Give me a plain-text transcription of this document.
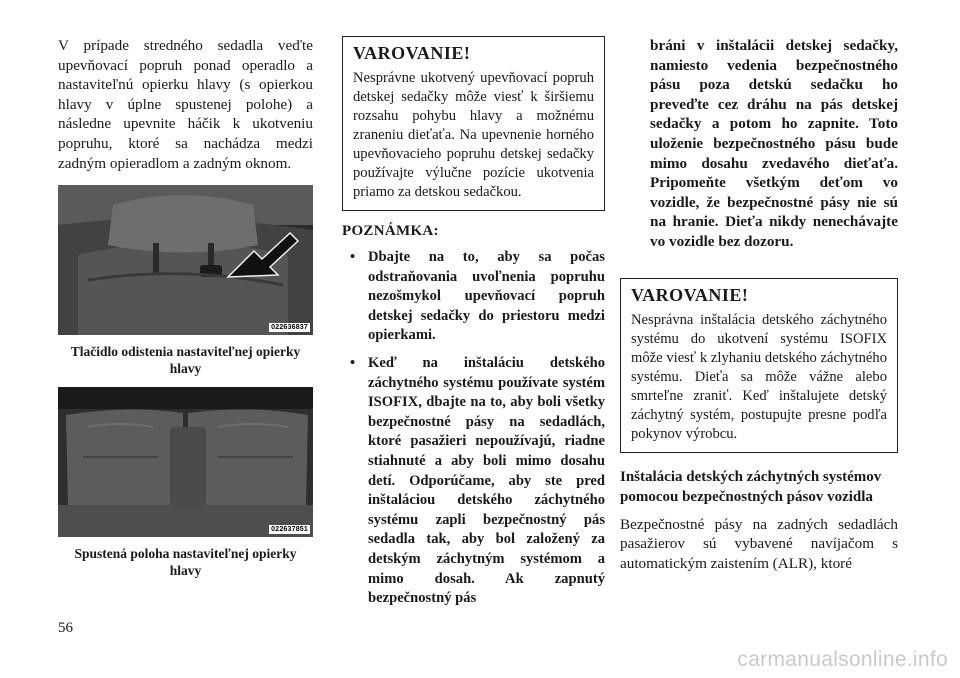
V prípade stredného sedadla veďte upevňovací popruh ponad operadlo a nastaviteľnú opierku hlavy (s opierkou hlavy v úplne spustenej polohe) a následne upevnite háčik k ukotveniu popruhu, ktoré sa nachádza medzi zadným opieradlom a zadným oknom.

022636837

Tlačidlo odistenia nastaviteľnej opierky hlavy

022637851

Spustená poloha nastaviteľnej opierky hlavy

VAROVANIE!

Nesprávne ukotvený upevňovací popruh detskej sedačky môže viesť k širšiemu rozsahu pohybu hlavy a možnému zraneniu dieťaťa. Na upevnenie horného upevňovacieho popruhu detskej sedačky používajte výlučne pozície ukotvenia priamo za detskou sedačkou.

POZNÁMKA:

• Dbajte na to, aby sa počas odstraňovania uvoľnenia popruhu nezošmykol upevňovací popruh detskej sedačky do priestoru medzi opierkami.
• Keď na inštaláciu detského záchytného systému používate systém ISOFIX, dbajte na to, aby boli všetky bezpečnostné pásy na sedadlách, ktoré pasažieri nepoužívajú, riadne stiahnuté a aby boli mimo dosahu detí. Odporúčame, aby ste pred inštaláciou detského záchytného systému zapli bezpečnostný pás sedadla tak, aby bol založený za detským záchytným systémom a mimo dosah. Ak zapnutý bezpečnostný pás

bráni v inštalácii detskej sedačky, namiesto vedenia bezpečnostného pásu poza detskú sedačku ho preveďte cez dráhu na pás detskej sedačky a potom ho zapnite. Toto uloženie bezpečnostného pásu bude mimo dosahu zvedavého dieťaťa. Pripomeňte všetkým deťom vo vozidle, že bezpečnostné pásy nie sú na hranie. Dieťa nikdy nenechávajte vo vozidle bez dozoru.

VAROVANIE!

Nesprávna inštalácia detského záchytného systému do ukotvení systému ISOFIX môže viesť k zlyhaniu detského záchytného systému. Dieťa sa môže vážne alebo smrteľne zraniť. Keď inštalujete detský záchytný systém, postupujte presne podľa pokynov výrobcu.

Inštalácia detských záchytných systémov pomocou bezpečnostných pásov vozidla

Bezpečnostné pásy na zadných sedadlách pasažierov sú vybavené navíjačom s automatickým zaistením (ALR), ktoré

56
carmanualsonline.info
